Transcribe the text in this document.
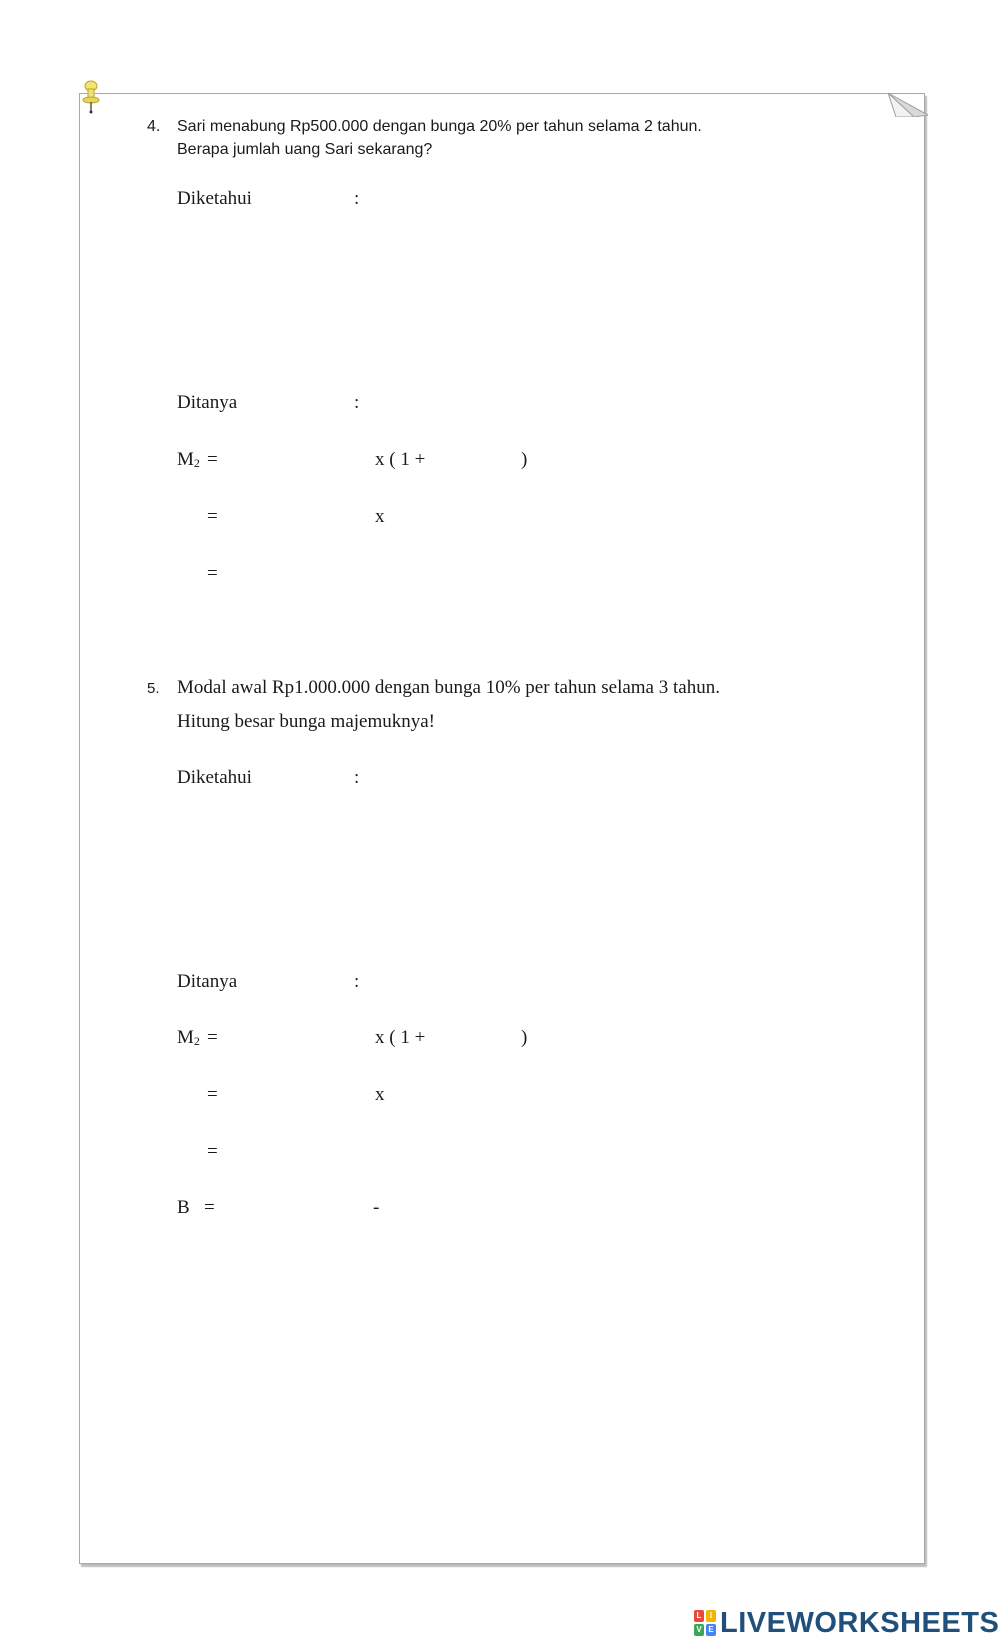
4. Sari menabung Rp500.000 dengan bunga 20% per tahun selama 2 tahun.
Berapa jumlah uang Sari sekarang?
Diketahui	:
Ditanya	:
$M_2$ =	x ( 1 +	)
=	x
=
5. Modal awal Rp1.000.000 dengan bunga 10% per tahun selama 3 tahun.
Hitung besar bunga majemuknya!
Diketahui	:
Ditanya	:
$M_2$ =	x ( 1 +	)
=	x
=
B =	-
L	I
V E LIVEWORKSHEETS
